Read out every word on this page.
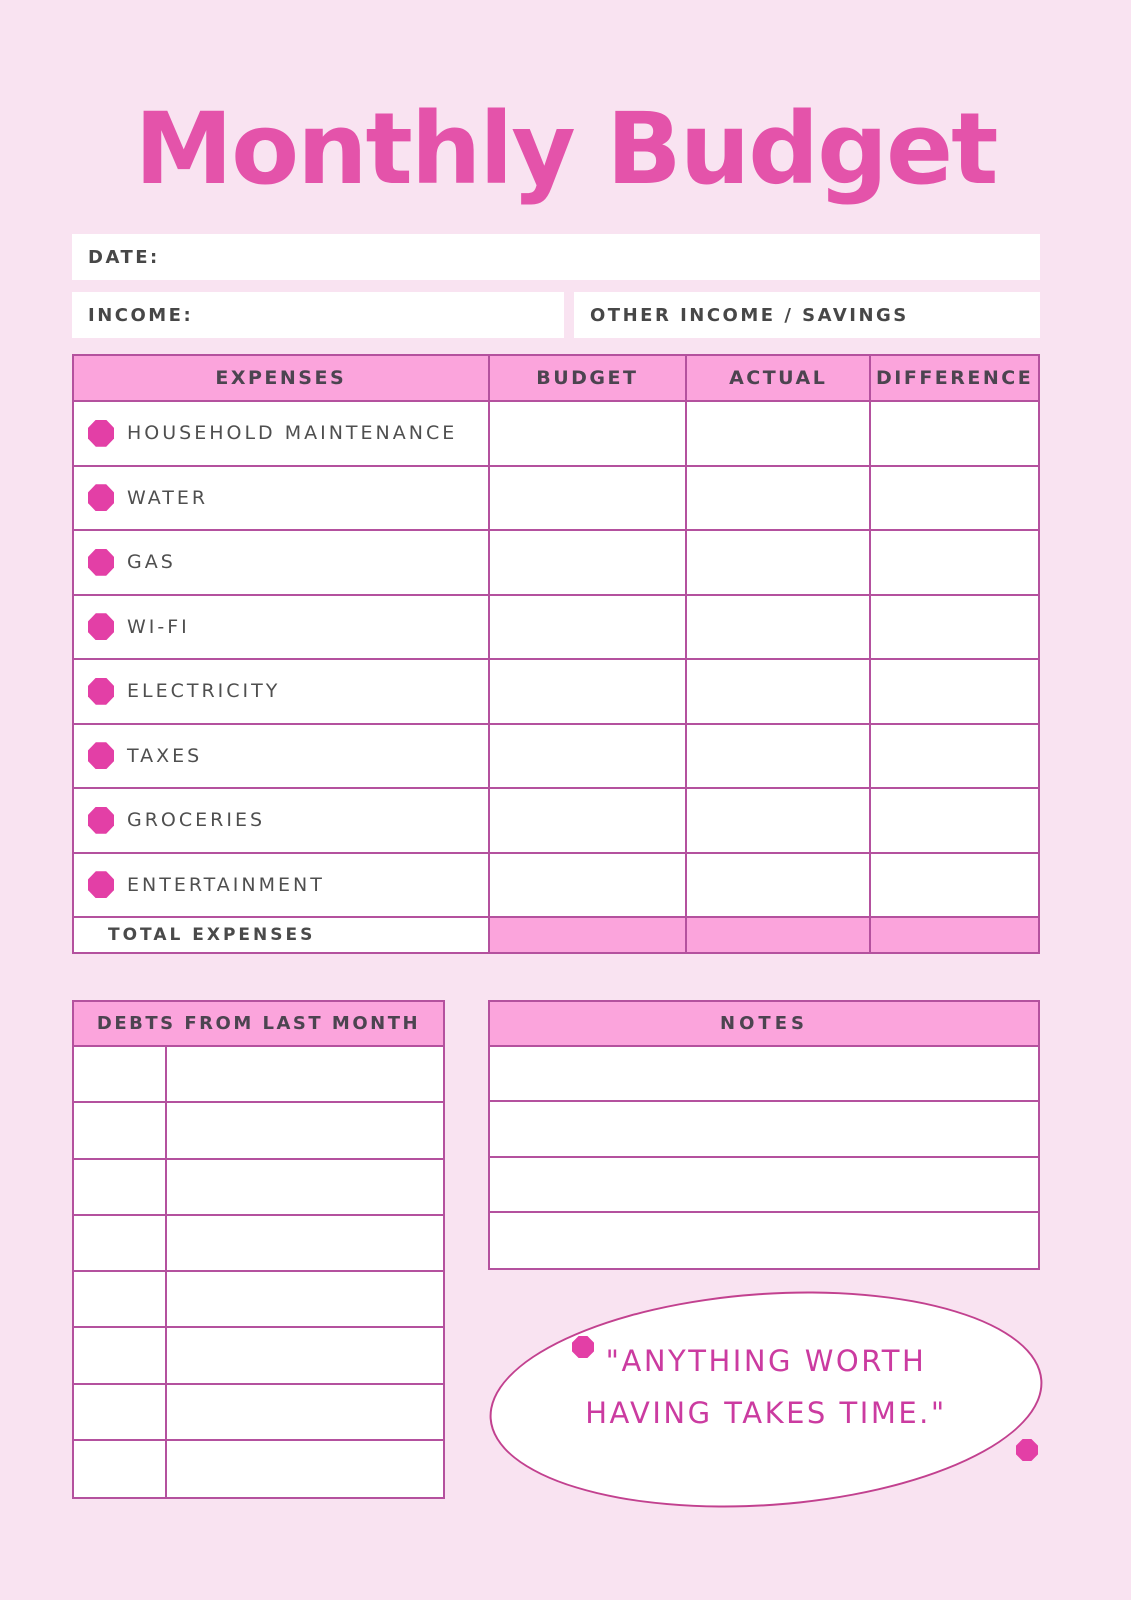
Monthly Budget
DATE:
INCOME:	OTHER INCOME / SAVINGS
EXPENSES	BUDGET	ACTUAL	DIFFERENCE
HOUSEHOLD MAINTENANCE
WATER
GAS
WI-FI
ELECTRICITY
TAXES
GROCERIES
ENTERTAINMENT
TOTAL EXPENSES
DEBTS FROM LAST MONTH	NOTES
"ANYTHING WORTH HAVING TAKES TIME."
